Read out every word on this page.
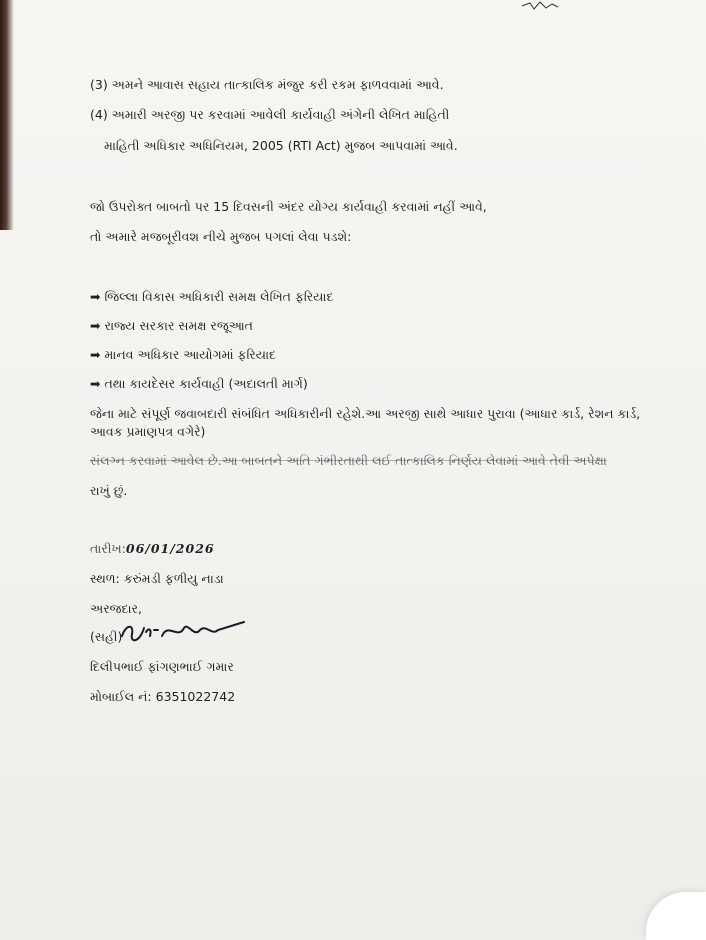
(3) અમને આવાસ સહાય તાત્કાલિક મંજુર કરી રકમ ફાળવવામાં આવે.
(4) અમારી અરજી પર કરવામાં આવેલી કાર્યવાહી અંગેની લેખિત માહિતી
માહિતી અધિકાર અધિનિયમ, 2005 (RTI Act) મુજબ આપવામાં આવે.
જો ઉપરોક્ત બાબતો પર 15 દિવસની અંદર યોગ્ય કાર્યવાહી કરવામાં નહીં આવે,
તો અમારે મજબૂરીવશ નીચે મુજબ પગલાં લેવા પડશે:
➡ જિલ્લા વિકાસ અધિકારી સમક્ષ લેખિત ફરિયાદ
➡ રાજ્ય સરકાર સમક્ષ રજૂઆત
➡ માનવ અધિકાર આયોગમાં ફરિયાદ
➡ તથા કાયદેસર કાર્યવાહી (અદાલતી માર્ગ)
જેના માટે સંપૂર્ણ જવાબદારી સંબંધિત અધિકારીની રહેશે.આ અરજી સાથે આધાર પુરાવા (આધાર કાર્ડ, રેશન કાર્ડ, આવક પ્રમાણપત્ર વગેરે)
સંલગ્ન કરવામાં આવેલ છે.આ બાબતને અતિ ગંભીરતાથી લઈ તાત્કાલિક નિર્ણય લેવામાં આવે તેવી અપેક્ષા
રાખું છું.
તારીખ:06/01/2026
સ્થળ: કરુંમડી ફળીયુ નાડા
અરજદાર,
(સહી)
દિલીપભાઈ ફાંગણભાઈ ગમાર
મોબાઈલ નં: 6351022742
